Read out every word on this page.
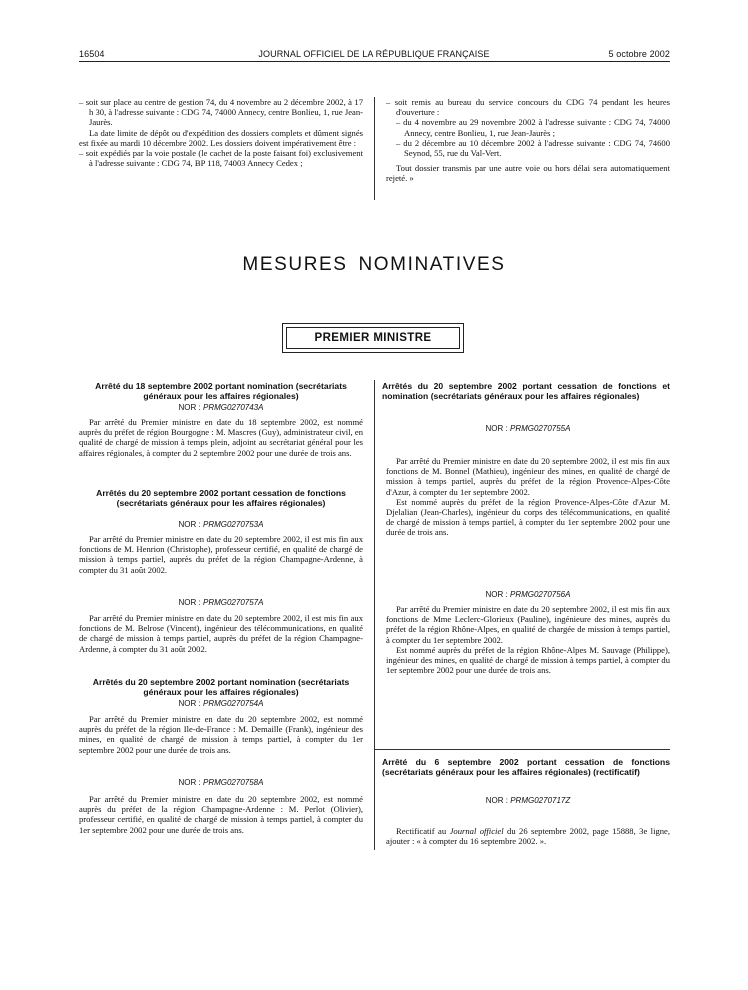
16504	JOURNAL OFFICIEL DE LA RÉPUBLIQUE FRANÇAISE	5 octobre 2002

– soit sur place au centre de gestion 74, du 4 novembre au 2 décembre 2002, à 17 h 30, à l'adresse suivante : CDG 74, 74000 Annecy, centre Bonlieu, 1, rue Jean-Jaurès.

La date limite de dépôt ou d'expédition des dossiers complets et dûment signés est fixée au mardi 10 décembre 2002. Les dossiers doivent impérativement être :

– soit expédiés par la voie postale (le cachet de la poste faisant foi) exclusivement à l'adresse suivante : CDG 74, BP 118, 74003 Annecy Cedex ;

– soit remis au bureau du service concours du CDG 74 pendant les heures d'ouverture :

– du 4 novembre au 29 novembre 2002 à l'adresse suivante : CDG 74, 74000 Annecy, centre Bonlieu, 1, rue Jean-Jaurès ;

– du 2 décembre au 10 décembre 2002 à l'adresse suivante : CDG 74, 74600 Seynod, 55, rue du Val-Vert.

Tout dossier transmis par une autre voie ou hors délai sera automatiquement rejeté. »

MESURES NOMINATIVES
PREMIER MINISTRE
Arrêté du 18 septembre 2002 portant nomination (secrétariats généraux pour les affaires régionales)
NOR : PRMG0270743A

Par arrêté du Premier ministre en date du 18 septembre 2002, est nommé auprès du préfet de région Bourgogne : M. Mascres (Guy), administrateur civil, en qualité de chargé de mission à temps plein, adjoint au secrétariat général pour les affaires régionales, à compter du 2 septembre 2002 pour une durée de trois ans.

Arrêtés du 20 septembre 2002 portant cessation de fonctions (secrétariats généraux pour les affaires régionales)
NOR : PRMG0270753A

Par arrêté du Premier ministre en date du 20 septembre 2002, il est mis fin aux fonctions de M. Henrion (Christophe), professeur certifié, en qualité de chargé de mission à temps partiel, auprès du préfet de la région Champagne-Ardenne, à compter du 31 août 2002.

NOR : PRMG0270757A

Par arrêté du Premier ministre en date du 20 septembre 2002, il est mis fin aux fonctions de M. Belrose (Vincent), ingénieur des télécommunications, en qualité de chargé de mission à temps partiel, auprès du préfet de la région Champagne-Ardenne, à compter du 31 août 2002.

Arrêtés du 20 septembre 2002 portant nomination (secrétariats généraux pour les affaires régionales)
NOR : PRMG0270754A

Par arrêté du Premier ministre en date du 20 septembre 2002, est nommé auprès du préfet de la région Ile-de-France : M. Demaille (Frank), ingénieur des mines, en qualité de chargé de mission à temps partiel, à compter du 1er septembre 2002 pour une durée de trois ans.

NOR : PRMG0270758A

Par arrêté du Premier ministre en date du 20 septembre 2002, est nommé auprès du préfet de la région Champagne-Ardenne : M. Perlot (Olivier), professeur certifié, en qualité de chargé de mission à temps partiel, à compter du 1er septembre 2002 pour une durée de trois ans.

Arrêtés du 20 septembre 2002 portant cessation de fonctions et nomination (secrétariats généraux pour les affaires régionales)
NOR : PRMG0270755A

Par arrêté du Premier ministre en date du 20 septembre 2002, il est mis fin aux fonctions de M. Bonnel (Mathieu), ingénieur des mines, en qualité de chargé de mission à temps partiel, auprès du préfet de la région Provence-Alpes-Côte d'Azur, à compter du 1er septembre 2002.

Est nommé auprès du préfet de la région Provence-Alpes-Côte d'Azur M. Djelalian (Jean-Charles), ingénieur du corps des télécommunications, en qualité de chargé de mission à temps partiel, à compter du 1er septembre 2002 pour une durée de trois ans.

NOR : PRMG0270756A

Par arrêté du Premier ministre en date du 20 septembre 2002, il est mis fin aux fonctions de Mme Leclerc-Glorieux (Pauline), ingénieure des mines, auprès du préfet de la région Rhône-Alpes, en qualité de chargée de mission à temps partiel, à compter du 1er septembre 2002.

Est nommé auprès du préfet de la région Rhône-Alpes M. Sauvage (Philippe), ingénieur des mines, en qualité de chargé de mission à temps partiel, à compter du 1er septembre 2002 pour une durée de trois ans.

Arrêté du 6 septembre 2002 portant cessation de fonctions (secrétariats généraux pour les affaires régionales) (rectificatif)
NOR : PRMG0270717Z

Rectificatif au Journal officiel du 26 septembre 2002, page 15888, 3e ligne, ajouter : « à compter du 16 septembre 2002. ».
